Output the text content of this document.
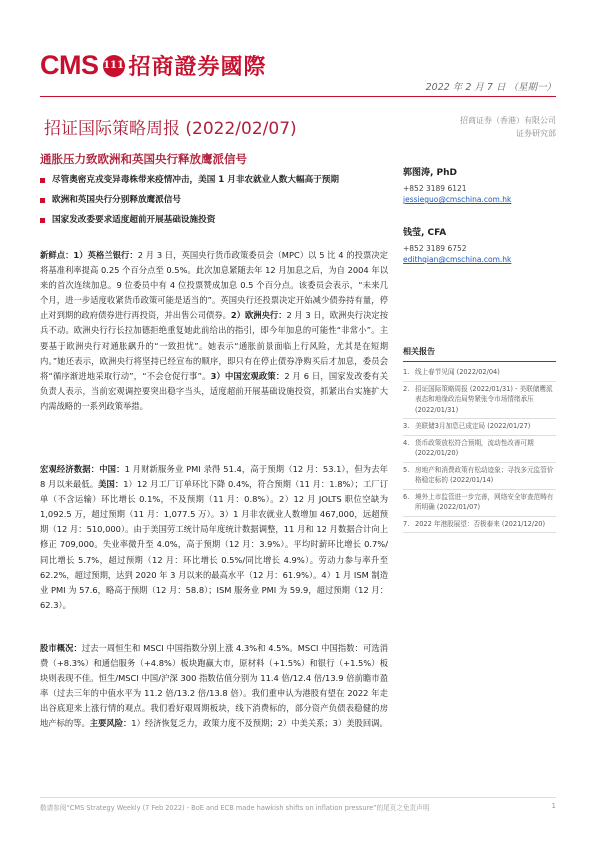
CMS 111 招商證券國際
2022 年 2 月 7 日 （星期一）
招证国际策略周报 (2022/02/07)	招商证券（香港）有限公司
证券研究部
通胀压力致欧洲和英国央行释放鹰派信号
尽管奥密克戎变异毒株带来疫情冲击，美国 1 月非农就业人数大幅高于预期
欧洲和英国央行分别释放鹰派信号
国家发改委要求适度超前开展基础设施投资
新鲜点：1）英格兰银行：2 月 3 日，英国央行货币政策委员会（MPC）以 5 比 4 的投票决定将基准利率提高 0.25 个百分点至 0.5%。此次加息紧随去年 12 月加息之后，为自 2004 年以来的首次连续加息。9 位委员中有 4 位投票赞成加息 0.5 个百分点。该委员会表示，“未来几个月，进一步适度收紧货币政策可能是适当的”。英国央行还投票决定开始减少债券持有量，停止对到期的政府债券进行再投资，并出售公司债券。2）欧洲央行：2 月 3 日，欧洲央行决定按兵不动。欧洲央行行长拉加德拒绝重复她此前给出的指引，即今年加息的可能性“非常小”。主要基于欧洲央行对通胀飙升的“一致担忧”。她表示“通胀前景面临上行风险，尤其是在短期内。”她还表示，欧洲央行将坚持已经宣布的顺序，即只有在停止债券净购买后才加息，委员会将“循序渐进地采取行动”，“不会仓促行事”。3）中国宏观政策：2 月 6 日，国家发改委有关负责人表示，当前宏观调控要突出稳字当头，适度超前开展基础设施投资，抓紧出台实施扩大内需战略的一系列政策举措。
宏观经济数据：中国：1 月财新服务业 PMI 录得 51.4，高于预期（12 月：53.1），但为去年 8 月以来最低。美国：1）12 月工厂订单环比下降 0.4%，符合预期（11 月：1.8%）；工厂订单（不含运输）环比增长 0.1%，不及预期（11 月：0.8%）。2）12 月 JOLTS 职位空缺为 1,092.5 万，超过预期（11 月：1,077.5 万）。3）1 月非农就业人数增加 467,000，远超预期（12 月：510,000）。由于美国劳工统计局年度统计数据调整，11 月和 12 月数据合计向上修正 709,000。失业率微升至 4.0%，高于预期（12 月：3.9%）。平均时薪环比增长 0.7%/同比增长 5.7%，超过预期（12 月：环比增长 0.5%/同比增长 4.9%）。劳动力参与率升至 62.2%，超过预期，达到 2020 年 3 月以来的最高水平（12 月：61.9%）。4）1 月 ISM 制造业 PMI 为 57.6，略高于预期（12 月：58.8）；ISM 服务业 PMI 为 59.9，超过预期（12 月：62.3）。
股市概况：过去一周恒生和 MSCI 中国指数分别上涨 4.3%和 4.5%。MSCI 中国指数：可选消费（+8.3%）和通信服务（+4.8%）板块跑赢大市，原材料（+1.5%）和银行（+1.5%）板块则表现不佳。恒生/MSCI 中国/沪深 300 指数估值分别为 11.4 倍/12.4 倍/13.9 倍前瞻市盈率（过去三年的中值水平为 11.2 倍/13.2 倍/13.8 倍）。我们重申认为港股有望在 2022 年走出谷底迎来上涨行情的观点。我们看好艰周期板块，线下消费标的，部分资产负债表稳健的房地产标的等。主要风险：1）经济恢复乏力，政策力度不及预期；2）中美关系；3）美股回调。
郭图涛, PhD
+852 3189 6121
jessieguo@cmschina.com.hk
钱莹, CFA
+852 3189 6752
edithqian@cmschina.com.hk
相关报告
1. 线上春节见闻 (2022/02/04)
2. 招证国际策略周报 (2022/01/31) - 美联储鹰派表态和地缘政治局势紧张令市场情绪承压 (2022/01/31)
3. 美联储3月加息已成定局 (2022/01/27)
4. 货币政策放松符合预期，流动性改善可期 (2022/01/20)
5. 房地产和消费政策有松动迹象；寻找多元监管价格稳定标的 (2022/01/14)
6. 境外上市监管进一步完善，网络安全审查范畴有所明确 (2022/01/07)
7. 2022 年港股展望：否极泰来 (2021/12/20)
敬请参阅“CMS Strategy Weekly (7 Feb 2022) - BoE and ECB made hawkish shifts on inflation pressure”的尾页之免责声明	1
